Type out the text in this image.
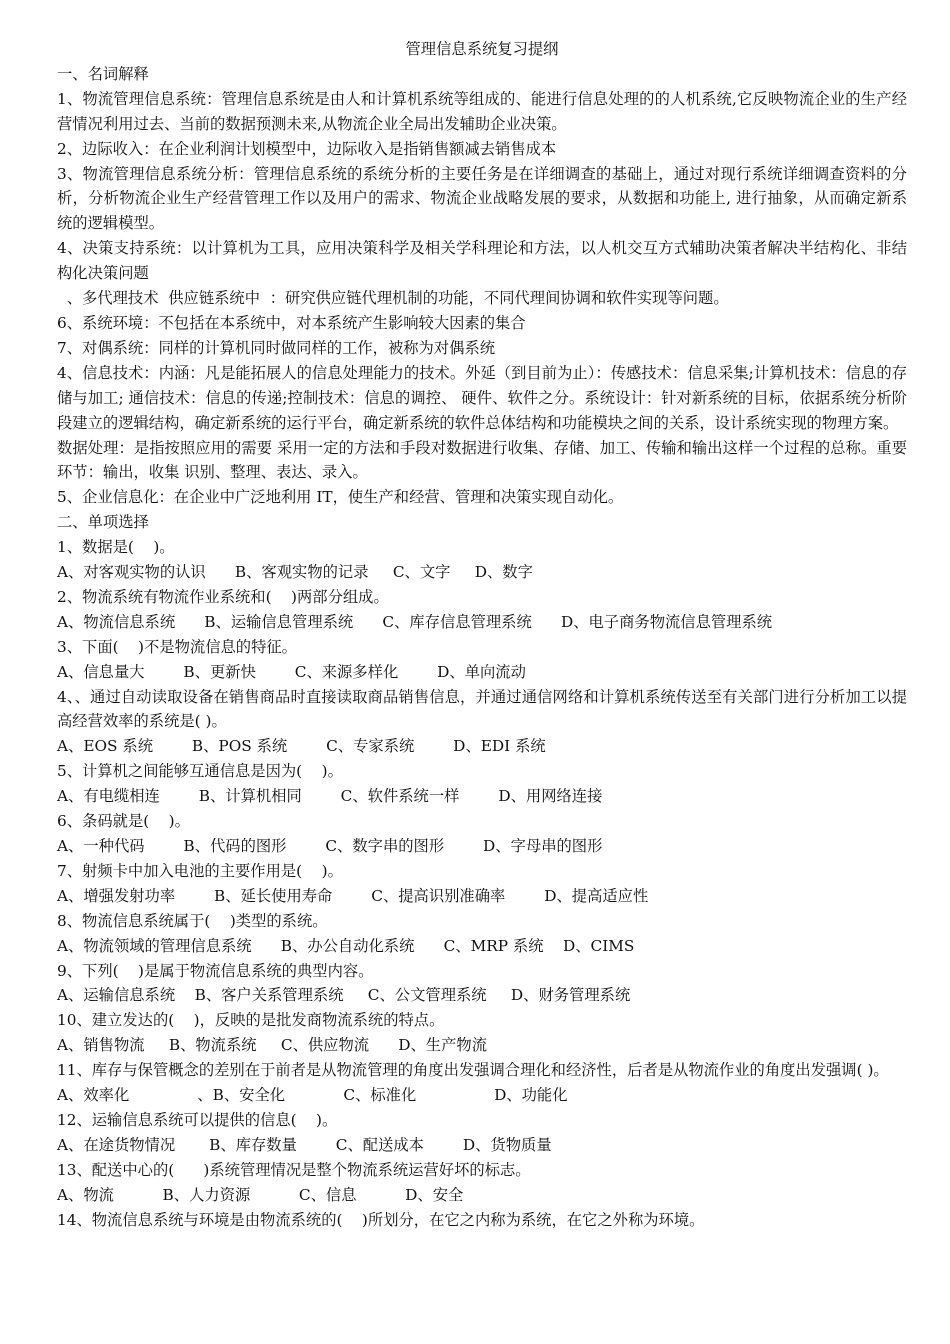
管理信息系统复习提纲

一、名词解释

1、物流管理信息系统：管理信息系统是由人和计算机系统等组成的、能进行信息处理的的人机系统,它反映物流企业的生产经营情况利用过去、当前的数据预测未来,从物流企业全局出发辅助企业决策。

2、边际收入：在企业利润计划模型中，边际收入是指销售额减去销售成本

3、物流管理信息系统分析：管理信息系统的系统分析的主要任务是在详细调查的基础上，通过对现行系统详细调查资料的分析，分析物流企业生产经营管理工作以及用户的需求、物流企业战略发展的要求，从数据和功能上, 进行抽象，从而确定新系统的逻辑模型。

4、决策支持系统：以计算机为工具，应用决策科学及相关学科理论和方法，以人机交互方式辅助决策者解决半结构化、非结构化决策问题

、多代理技术  供应链系统中  ：研究供应链代理机制的功能，不同代理间协调和软件实现等问题。

6、系统环境：不包括在本系统中，对本系统产生影响较大因素的集合

7、对偶系统：同样的计算机同时做同样的工作，被称为对偶系统

4、信息技术：内涵：凡是能拓展人的信息处理能力的技术。外延（到目前为止）：传感技术：信息采集;计算机技术：信息的存储与加工; 通信技术：信息的传递;控制技术：信息的调控、 硬件、软件之分。系统设计：针对新系统的目标，依据系统分析阶段建立的逻辑结构，确定新系统的运行平台，确定新系统的软件总体结构和功能模块之间的关系，设计系统实现的物理方案。

数据处理：是指按照应用的需要 采用一定的方法和手段对数据进行收集、存储、加工、传输和输出这样一个过程的总称。重要环节：输出，收集 识别、整理、表达、录入。

5、企业信息化：在企业中广泛地利用 IT，使生产和经营、管理和决策实现自动化。

二、单项选择

1、数据是(    )。

A、对客观实物的认识      B、客观实物的记录     C、文字     D、数字

2、物流系统有物流作业系统和(    )两部分组成。

A、物流信息系统      B、运输信息管理系统      C、库存信息管理系统      D、电子商务物流信息管理系统

3、下面(    )不是物流信息的特征。

A、信息量大        B、更新快        C、来源多样化        D、单向流动

4、、通过自动读取设备在销售商品时直接读取商品销售信息，并通过通信网络和计算机系统传送至有关部门进行分析加工以提高经营效率的系统是( )。

A、EOS 系统        B、POS 系统        C、专家系统        D、EDI 系统

5、计算机之间能够互通信息是因为(    )。

A、有电缆相连        B、计算机相同        C、软件系统一样        D、用网络连接

6、条码就是(    )。

A、一种代码        B、代码的图形        C、数字串的图形        D、字母串的图形

7、射频卡中加入电池的主要作用是(    )。

A、增强发射功率        B、延长使用寿命        C、提高识别准确率        D、提高适应性

8、物流信息系统属于(    )类型的系统。

A、物流领域的管理信息系统      B、办公自动化系统      C、MRP 系统    D、CIMS

9、下列(    )是属于物流信息系统的典型内容。

A、运输信息系统    B、客户关系管理系统     C、公文管理系统     D、财务管理系统

10、建立发达的(    )，反映的是批发商物流系统的特点。

A、销售物流     B、物流系统     C、供应物流      D、生产物流

11、库存与保管概念的差别在于前者是从物流管理的角度出发强调合理化和经济性，后者是从物流作业的角度出发强调( )。

A、效率化              、B、安全化            C、标准化                D、功能化

12、运输信息系统可以提供的信息(    )。

A、在途货物情况       B、库存数量        C、配送成本        D、货物质量

13、配送中心的(      )系统管理情况是整个物流系统运营好坏的标志。

A、物流          B、人力资源          C、信息          D、安全

14、物流信息系统与环境是由物流系统的(    )所划分，在它之内称为系统，在它之外称为环境。
